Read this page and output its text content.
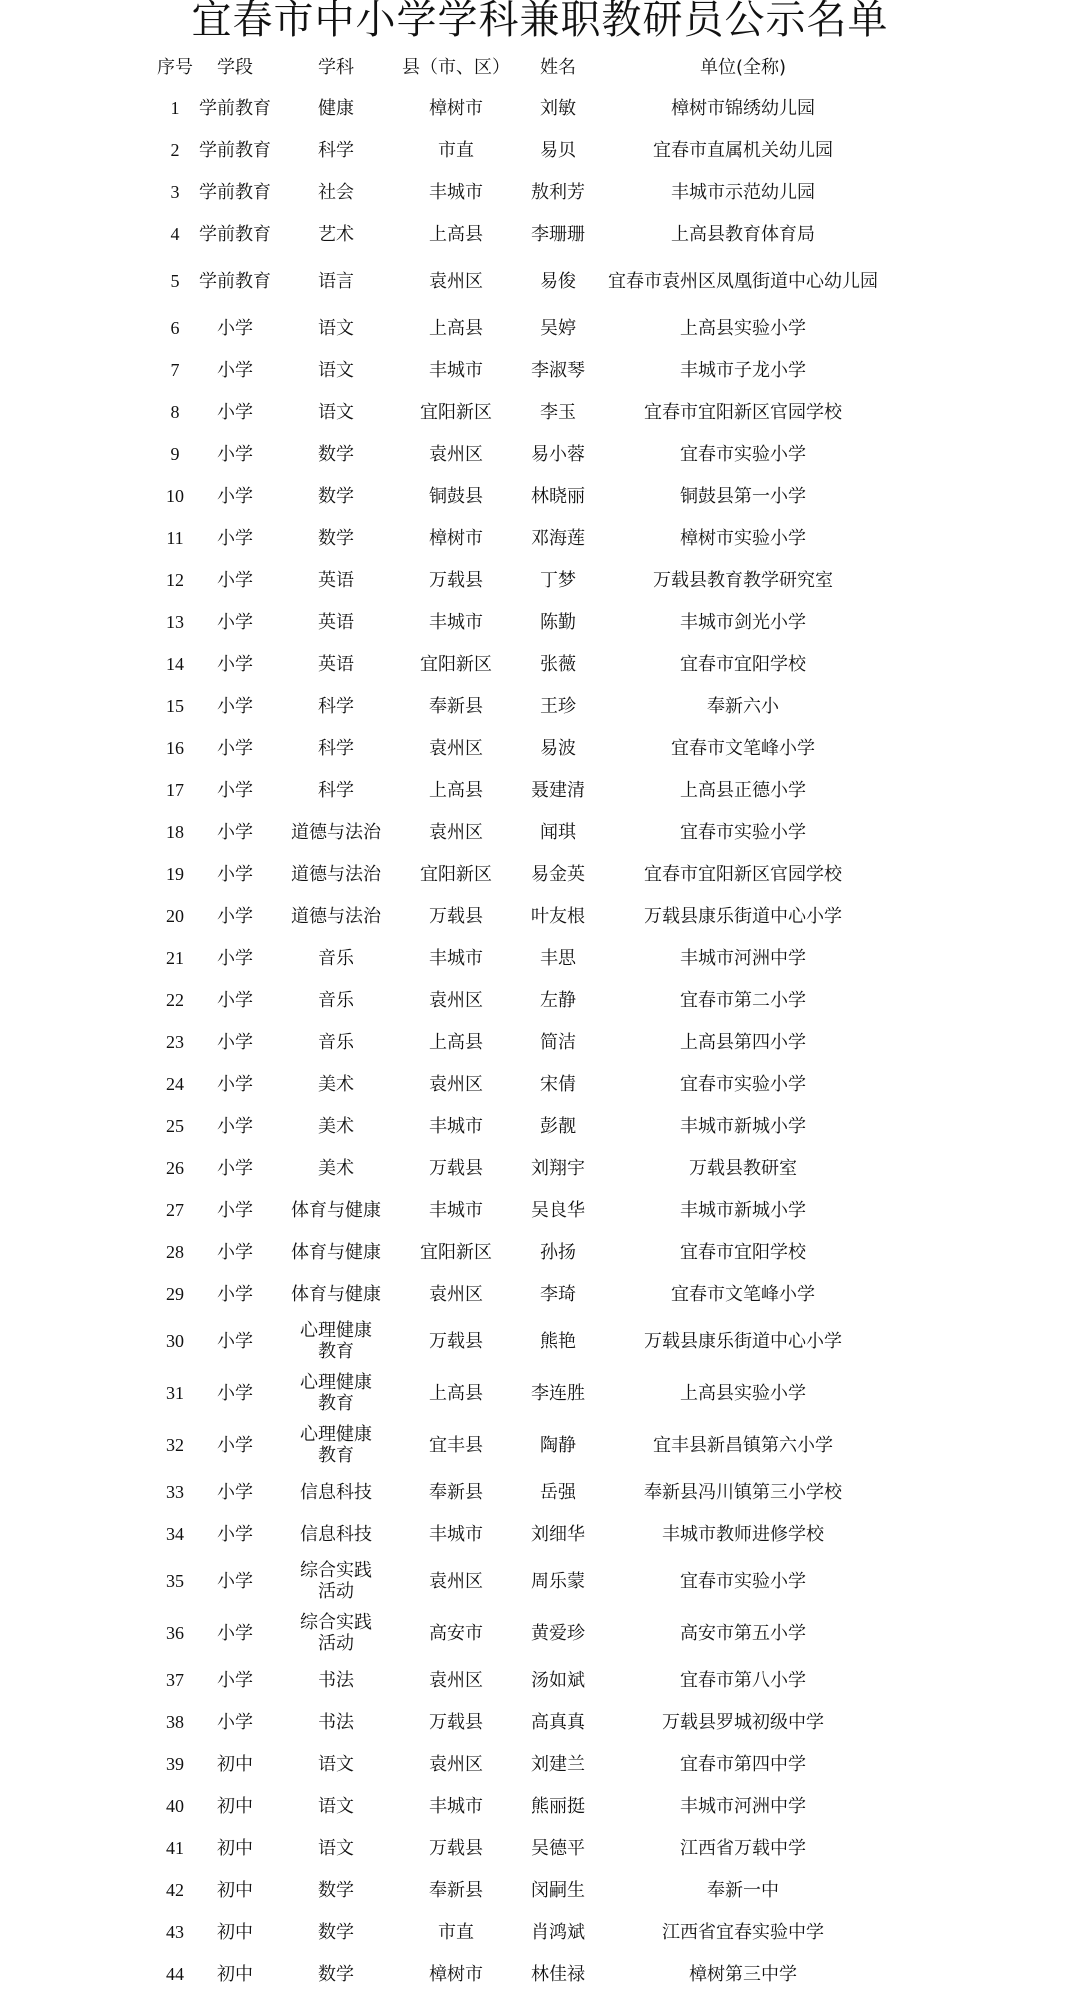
宜春市中小学学科兼职教研员公示名单
序号	学段	学科	县（市、区）	姓名	单位(全称)
1	学前教育	健康	樟树市	刘敏	樟树市锦绣幼儿园
2	学前教育	科学	市直	易贝	宜春市直属机关幼儿园
3	学前教育	社会	丰城市	敖利芳	丰城市示范幼儿园
4	学前教育	艺术	上高县	李珊珊	上高县教育体育局
5	学前教育	语言	袁州区	易俊	宜春市袁州区凤凰街道中心幼儿园
6	小学	语文	上高县	吴婷	上高县实验小学
7	小学	语文	丰城市	李淑琴	丰城市子龙小学
8	小学	语文	宜阳新区	李玉	宜春市宜阳新区官园学校
9	小学	数学	袁州区	易小蓉	宜春市实验小学
10	小学	数学	铜鼓县	林晓丽	铜鼓县第一小学
11	小学	数学	樟树市	邓海莲	樟树市实验小学
12	小学	英语	万载县	丁梦	万载县教育教学研究室
13	小学	英语	丰城市	陈勤	丰城市剑光小学
14	小学	英语	宜阳新区	张薇	宜春市宜阳学校
15	小学	科学	奉新县	王珍	奉新六小
16	小学	科学	袁州区	易波	宜春市文笔峰小学
17	小学	科学	上高县	聂建清	上高县正德小学
18	小学	道德与法治	袁州区	闻琪	宜春市实验小学
19	小学	道德与法治	宜阳新区	易金英	宜春市宜阳新区官园学校
20	小学	道德与法治	万载县	叶友根	万载县康乐街道中心小学
21	小学	音乐	丰城市	丰思	丰城市河洲中学
22	小学	音乐	袁州区	左静	宜春市第二小学
23	小学	音乐	上高县	简洁	上高县第四小学
24	小学	美术	袁州区	宋倩	宜春市实验小学
25	小学	美术	丰城市	彭靓	丰城市新城小学
26	小学	美术	万载县	刘翔宇	万载县教研室
27	小学	体育与健康	丰城市	吴良华	丰城市新城小学
28	小学	体育与健康	宜阳新区	孙扬	宜春市宜阳学校
29	小学	体育与健康	袁州区	李琦	宜春市文笔峰小学
30	小学	心理健康 教育	万载县	熊艳	万载县康乐街道中心小学
31	小学	心理健康 教育	上高县	李连胜	上高县实验小学
32	小学	心理健康 教育	宜丰县	陶静	宜丰县新昌镇第六小学
33	小学	信息科技	奉新县	岳强	奉新县冯川镇第三小学校
34	小学	信息科技	丰城市	刘细华	丰城市教师进修学校
35	小学	综合实践 活动	袁州区	周乐蒙	宜春市实验小学
36	小学	综合实践 活动	高安市	黄爱珍	高安市第五小学
37	小学	书法	袁州区	汤如斌	宜春市第八小学
38	小学	书法	万载县	高真真	万载县罗城初级中学
39	初中	语文	袁州区	刘建兰	宜春市第四中学
40	初中	语文	丰城市	熊丽挺	丰城市河洲中学
41	初中	语文	万载县	吴德平	江西省万载中学
42	初中	数学	奉新县	闵嗣生	奉新一中
43	初中	数学	市直	肖鸿斌	江西省宜春实验中学
44	初中	数学	樟树市	林佳禄	樟树第三中学
